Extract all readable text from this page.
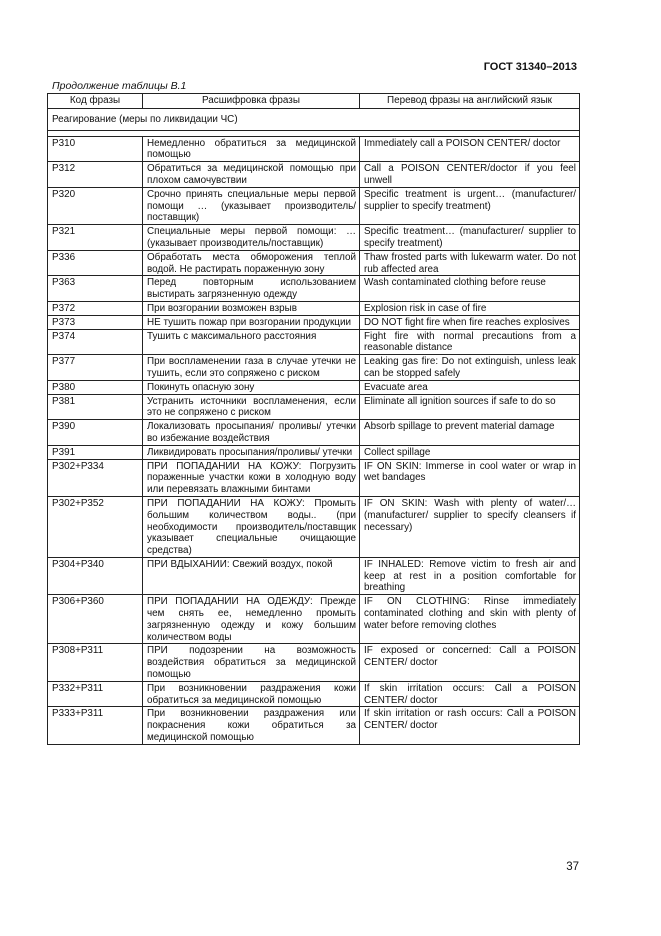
ГОСТ 31340–2013
Продолжение таблицы В.1
Код фразы	Расшифровка фразы	Перевод фразы на английский язык
Реагирование (меры по ликвидации ЧС)		

P310	Немедленно обратиться за медицинской помощью	Immediately call a POISON CENTER/ doctor
P312	Обратиться за медицинской помощью при плохом самочувствии	Call a POISON CENTER/doctor if you feel unwell
P320	Срочно принять специальные меры первой помощи … (указывает производитель/поставщик)	Specific treatment is urgent… (manufacturer/ supplier to specify treatment)
P321	Специальные меры первой помощи: … (указывает производитель/поставщик)	Specific treatment… (manufacturer/ supplier to specify treatment)
P336	Обработать места обморожения теплой водой. Не растирать пораженную зону	Thaw frosted parts with lukewarm water. Do not rub affected area
P363	Перед повторным использованием выстирать загрязненную одежду	Wash contaminated clothing before reuse
P372	При возгорании возможен взрыв	Explosion risk in case of fire
P373	НЕ тушить пожар при возгорании продукции	DO NOT fight fire when fire reaches explosives
P374	Тушить с максимального расстояния	Fight fire with normal precautions from a reasonable distance
P377	При воспламенении газа в случае утечки не тушить, если это сопряжено с риском	Leaking gas fire: Do not extinguish, unless leak can be stopped safely
P380	Покинуть опасную зону	Evacuate area
P381	Устранить источники воспламенения, если это не сопряжено с риском	Eliminate all ignition sources if safe to do so
P390	Локализовать просыпания/ проливы/ утечки во избежание воздействия	Absorb spillage to prevent material damage
P391	Ликвидировать просыпания/проливы/ утечки	Collect spillage
P302+P334	ПРИ ПОПАДАНИИ НА КОЖУ: Погрузить пораженные участки кожи в холодную воду или перевязать влажными бинтами	IF ON SKIN: Immerse in cool water or wrap in wet bandages
P302+P352	ПРИ ПОПАДАНИИ НА КОЖУ: Промыть большим количеством воды.. (при необходимости производитель/поставщик указывает специальные очищающие средства)	IF ON SKIN: Wash with plenty of water/… (manufacturer/ supplier to specify cleansers if necessary)
P304+P340	ПРИ ВДЫХАНИИ: Свежий воздух, покой	IF INHALED: Remove victim to fresh air and keep at rest in a position comfortable for breathing
P306+P360	ПРИ ПОПАДАНИИ НА ОДЕЖДУ: Прежде чем снять ее, немедленно промыть загрязненную одежду и кожу большим количеством воды	IF ON CLOTHING: Rinse immediately contaminated clothing and skin with plenty of water before removing clothes
P308+P311	ПРИ подозрении на возможность воздействия обратиться за медицинской помощью	IF exposed or concerned: Call a POISON CENTER/ doctor
P332+P311	При возникновении раздражения кожи обратиться за медицинской помощью	If skin irritation occurs: Call a POISON CENTER/ doctor
P333+P311	При возникновении раздражения или покраснения кожи обратиться за медицинской помощью	If skin irritation or rash occurs: Call a POISON CENTER/ doctor
37
